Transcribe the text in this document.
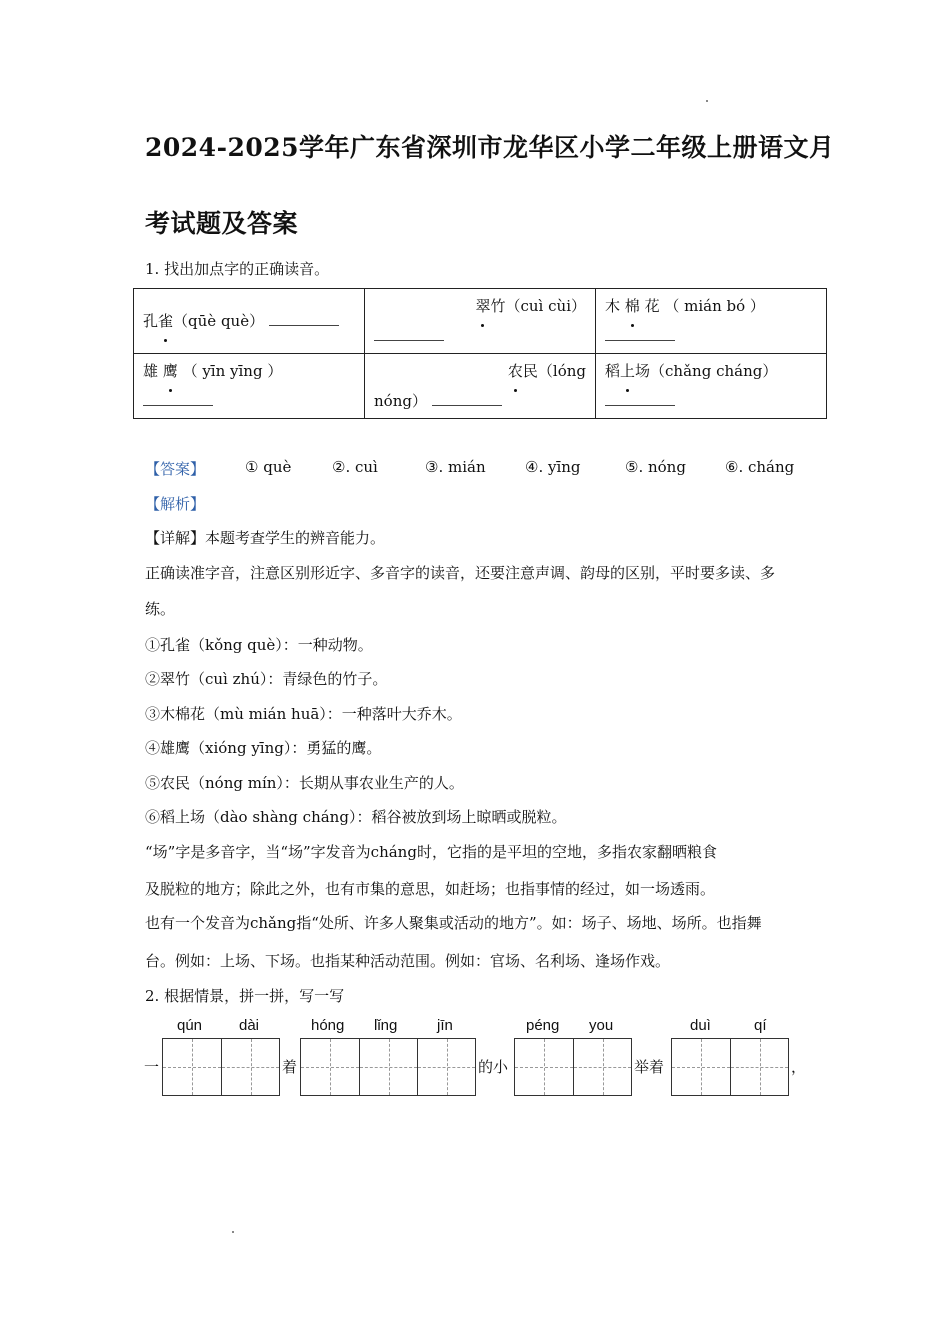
2024-2025学年广东省深圳市龙华区小学二年级上册语文月
考试题及答案
1. 找出加点字的正确读音。
孔雀（qūè què）	翠竹（cuì cùi）	木 棉 花 （ mián bó ）

雄 鹰 （ yīn yīng ）	农民（lóng
nóng）	稻上场（chǎng cháng）
【答案】	① què	②. cuì	③. mián	④. yīng	⑤. nóng	⑥. cháng
【解析】
【详解】本题考查学生的辨音能力。
正确读准字音，注意区别形近字、多音字的读音，还要注意声调、韵母的区别，平时要多读、多
练。
①孔雀（kǒng què）：一种动物。
②翠竹（cuì zhú）：青绿色的竹子。
③木棉花（mù mián huā）：一种落叶大乔木。
④雄鹰（xióng yīng）：勇猛的鹰。
⑤农民（nóng mín）：长期从事农业生产的人。
⑥稻上场（dào shàng cháng）：稻谷被放到场上晾晒或脱粒。
“场”字是多音字，当“场”字发音为cháng时，它指的是平坦的空地，多指农家翻晒粮食
及脱粒的地方；除此之外，也有市集的意思，如赶场；也指事情的经过，如一场透雨。
也有一个发音为chǎng指“处所、许多人聚集或活动的地方”。如：场子、场地、场所。也指舞
台。例如：上场、下场。也指某种活动范围。例如：官场、名利场、逢场作戏。
2. 根据情景，拼一拼，写一写
qún dài	hóng lǐng	jīn	péng you	duì	qí
一	着	的小	举着	，
